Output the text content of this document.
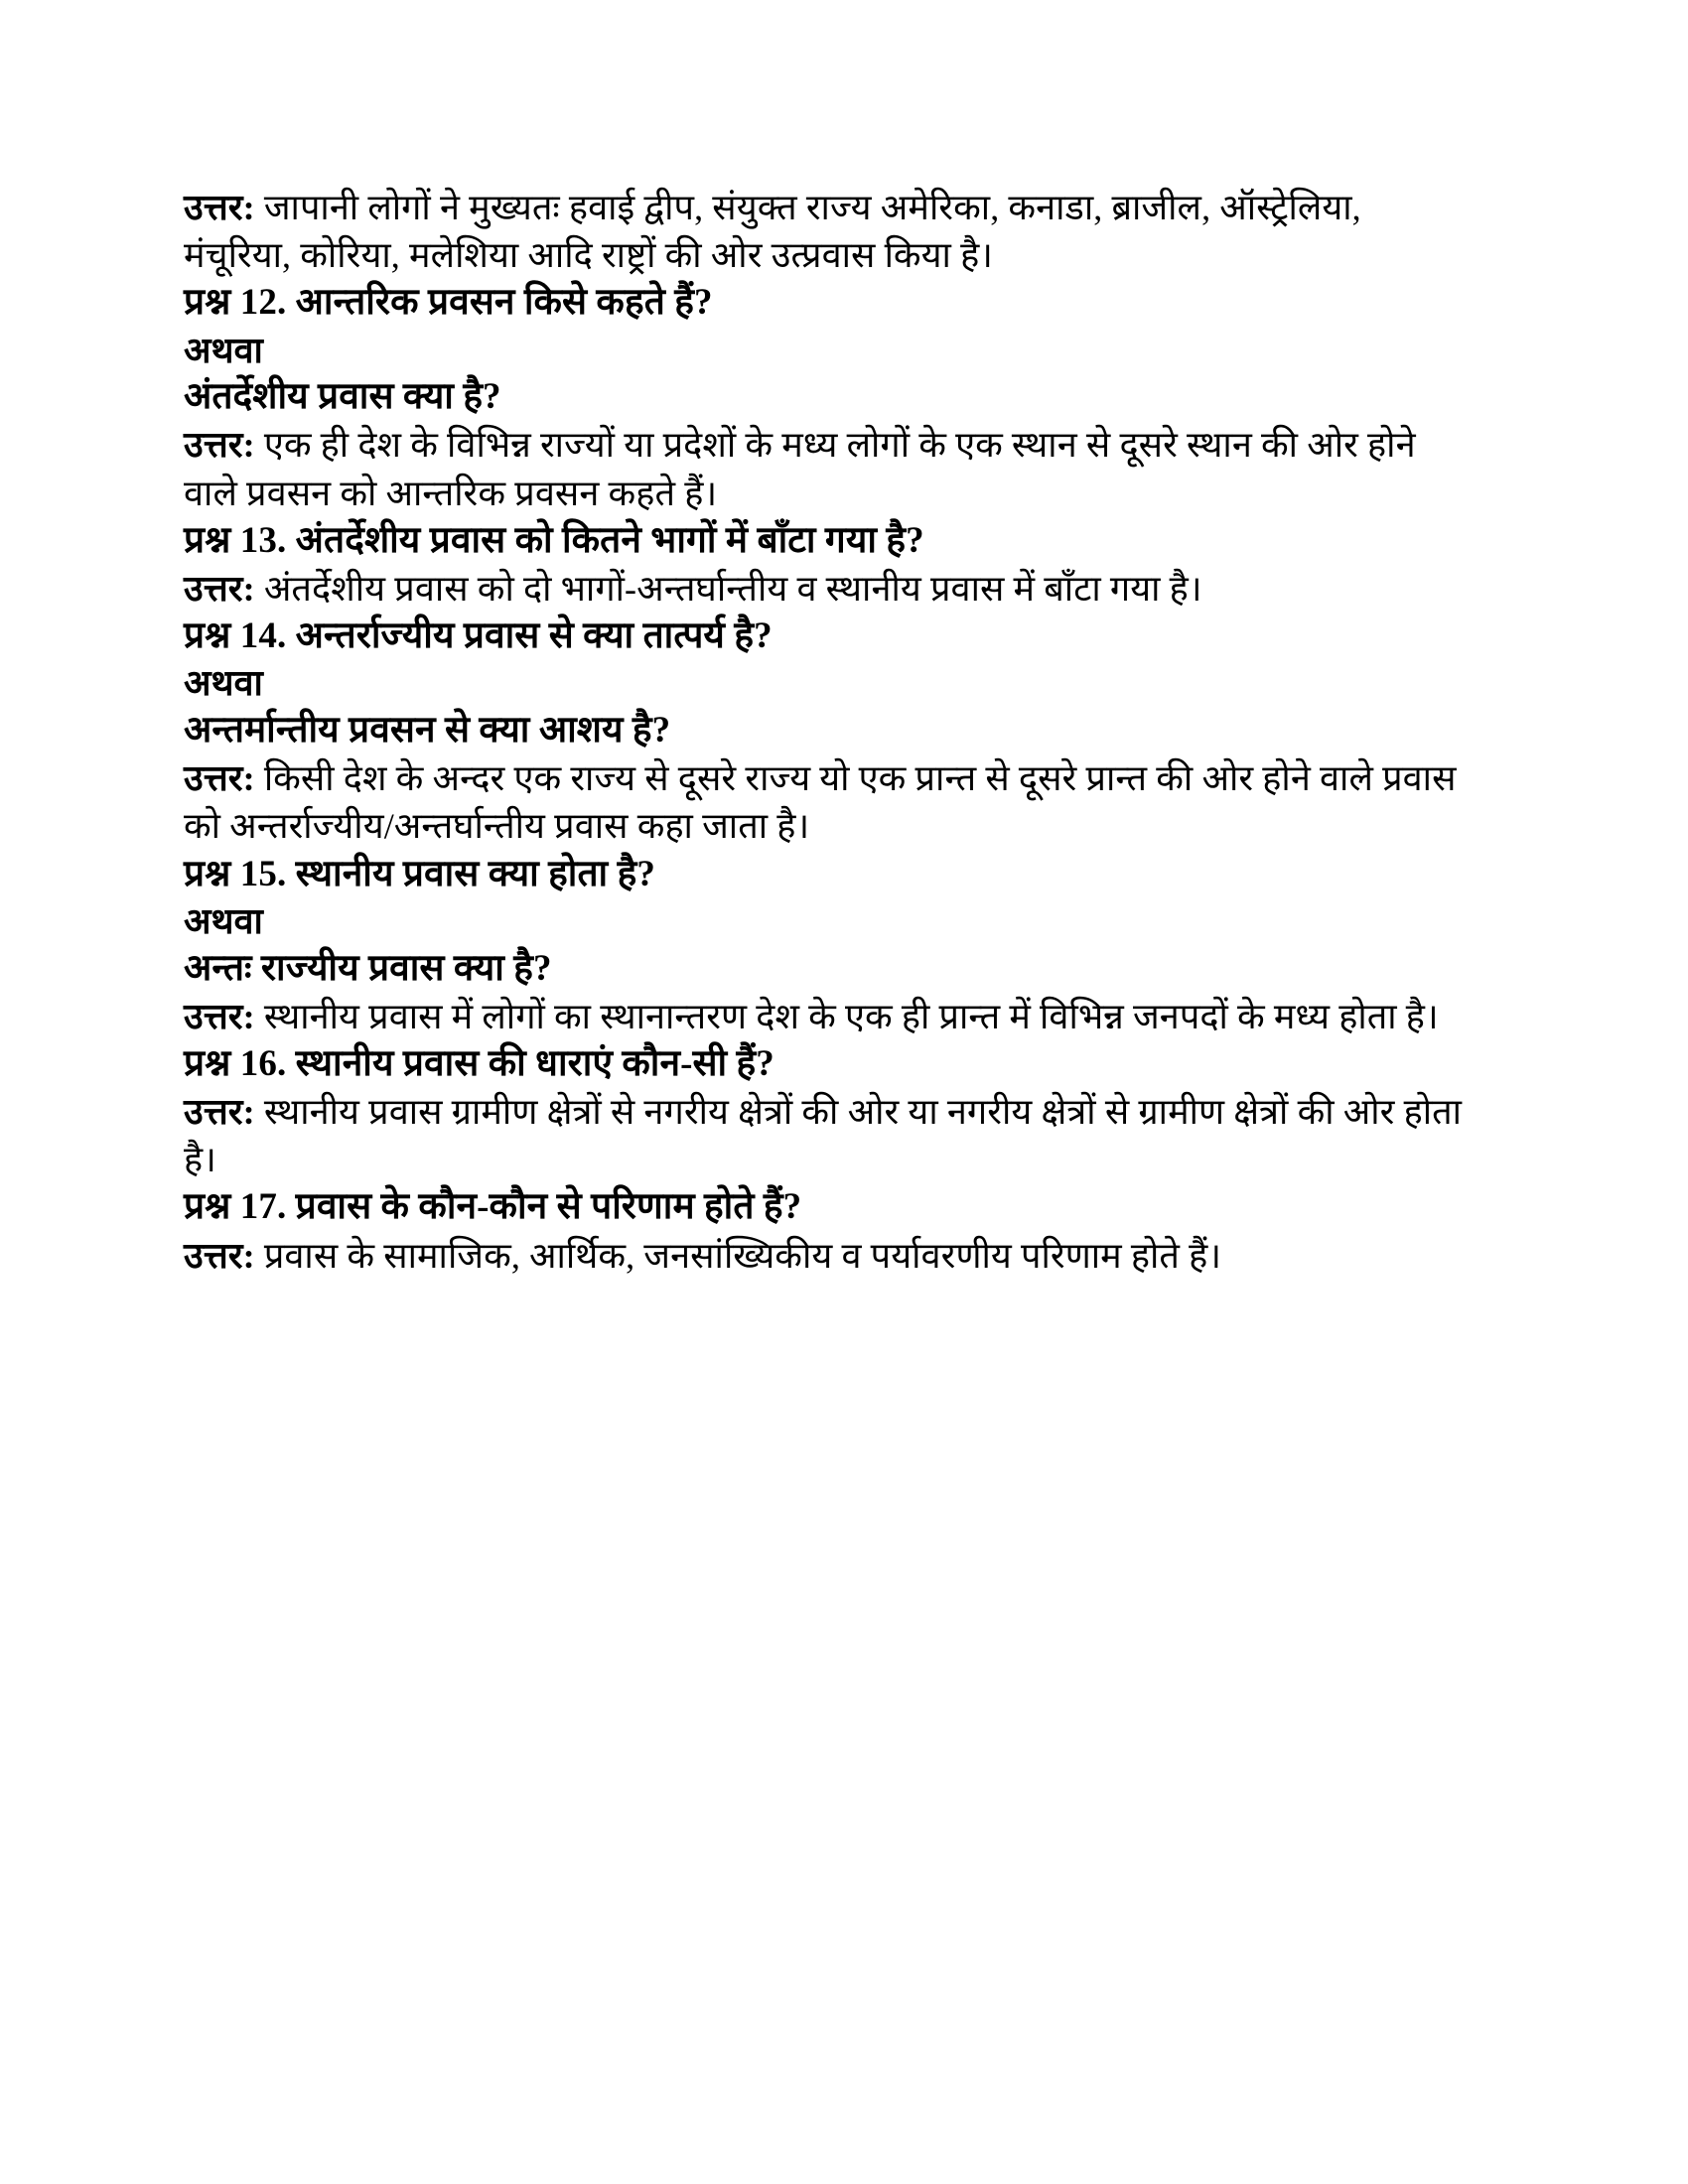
उत्तर: जापानी लोगों ने मुख्यतः हवाई द्वीप, संयुक्त राज्य अमेरिका, कनाडा, ब्राजील, ऑस्ट्रेलिया, मंचूरिया, कोरिया, मलेशिया आदि राष्ट्रों की ओर उत्प्रवास किया है।

प्रश्न 12. आन्तरिक प्रवसन किसे कहते हैं?

अथवा

अंतर्देशीय प्रवास क्या है?

उत्तर: एक ही देश के विभिन्न राज्यों या प्रदेशों के मध्य लोगों के एक स्थान से दूसरे स्थान की ओर होने वाले प्रवसन को आन्तरिक प्रवसन कहते हैं।

प्रश्न 13. अंतर्देशीय प्रवास को कितने भागों में बाँटा गया है?

उत्तर: अंतर्देशीय प्रवास को दो भागों-अन्तर्घान्तीय व स्थानीय प्रवास में बाँटा गया है।

प्रश्न 14. अन्तर्राज्यीय प्रवास से क्या तात्पर्य है?

अथवा

अन्तर्मान्तीय प्रवसन से क्या आशय है?

उत्तर: किसी देश के अन्दर एक राज्य से दूसरे राज्य यो एक प्रान्त से दूसरे प्रान्त की ओर होने वाले प्रवास को अन्तर्राज्यीय/अन्तर्घान्तीय प्रवास कहा जाता है।

प्रश्न 15. स्थानीय प्रवास क्या होता है?

अथवा

अन्तः राज्यीय प्रवास क्या है?

उत्तर: स्थानीय प्रवास में लोगों का स्थानान्तरण देश के एक ही प्रान्त में विभिन्न जनपदों के मध्य होता है।

प्रश्न 16. स्थानीय प्रवास की धाराएं कौन-सी हैं?

उत्तर: स्थानीय प्रवास ग्रामीण क्षेत्रों से नगरीय क्षेत्रों की ओर या नगरीय क्षेत्रों से ग्रामीण क्षेत्रों की ओर होता है।

प्रश्न 17. प्रवास के कौन-कौन से परिणाम होते हैं?

उत्तर: प्रवास के सामाजिक, आर्थिक, जनसांख्यिकीय व पर्यावरणीय परिणाम होते हैं।
